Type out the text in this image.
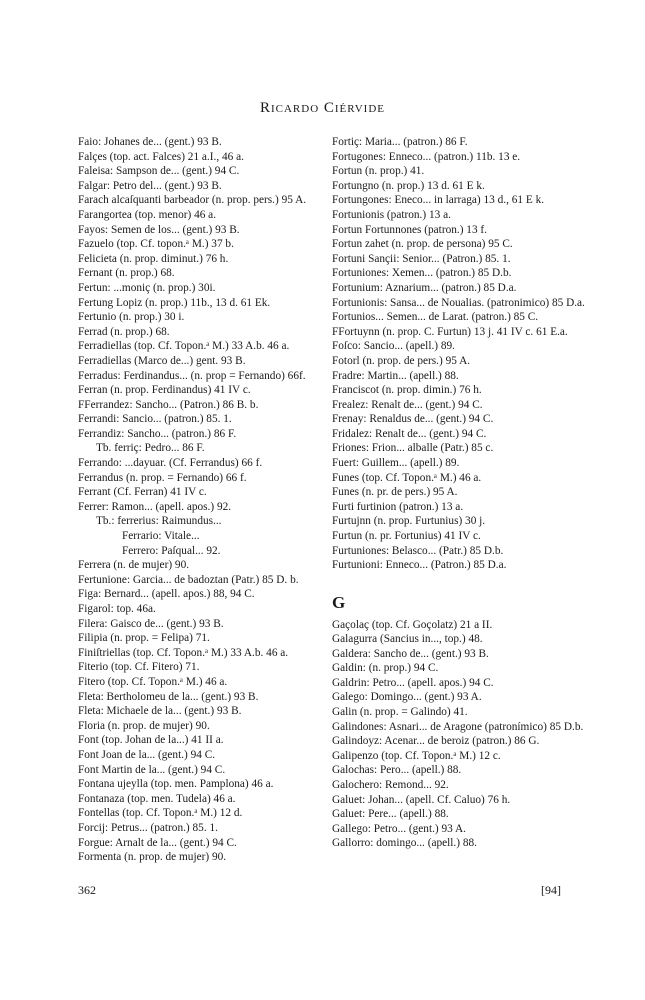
Ricardo Ciérvide
Faio: Johanes de... (gent.) 93 B.
Falçes (top. act. Falces) 21 a.I., 46 a.
Faleisa: Sampson de... (gent.) 94 C.
Falgar: Petro del... (gent.) 93 B.
Farach alcaſquanti barbeador (n. prop. pers.) 95 A.
Farangortea (top. menor) 46 a.
Fayos: Semen de los... (gent.) 93 B.
Fazuelo (top. Cf. topon.ᵃ M.) 37 b.
Felicieta (n. prop. diminut.) 76 h.
Fernant (n. prop.) 68.
Fertun: ...moniç (n. prop.) 30i.
Fertung Lopiz (n. prop.) 11b., 13 d. 61 Ek.
Fertunio (n. prop.) 30 i.
Ferrad (n. prop.) 68.
Ferradiellas (top. Cf. Topon.ᵃ M.) 33 A.b. 46 a.
Ferradiellas (Marco de...) gent. 93 B.
Ferradus: Ferdinandus... (n. prop = Fernando) 66f.
Ferran (n. prop. Ferdinandus) 41 IV c.
FFerrandez: Sancho... (Patron.) 86 B. b.
Ferrandi: Sancio... (patron.) 85. 1.
Ferrandiz: Sancho... (patron.) 86 F.
Tb. ferriç: Pedro... 86 F.
Ferrando: ...dayuar. (Cf. Ferrandus) 66 f.
Ferrandus (n. prop. = Fernando) 66 f.
Ferrant (Cf. Ferran) 41 IV c.
Ferrer: Ramon... (apell. apos.) 92.
Tb.: ferrerius: Raimundus...
Ferrario: Vitale...
Ferrero: Paſqual... 92.
Ferrera (n. de mujer) 90.
Fertunione: Garcia... de badoztan (Patr.) 85 D. b.
Figa: Bernard... (apell. apos.) 88, 94 C.
Figarol: top. 46a.
Filera: Gaisco de... (gent.) 93 B.
Filipia (n. prop. = Felipa) 71.
Finiſtriellas (top. Cf. Topon.ᵃ M.) 33 A.b. 46 a.
Fiterio (top. Cf. Fitero) 71.
Fitero (top. Cf. Topon.ᵃ M.) 46 a.
Fleta: Bertholomeu de la... (gent.) 93 B.
Fleta: Michaele de la... (gent.) 93 B.
Floria (n. prop. de mujer) 90.
Font (top. Johan de la...) 41 II a.
Font Joan de la... (gent.) 94 C.
Font Martin de la... (gent.) 94 C.
Fontana ujeylla (top. men. Pamplona) 46 a.
Fontanaza (top. men. Tudela) 46 a.
Fontellas (top. Cf. Topon.ᵃ M.) 12 d.
Forcij: Petrus... (patron.) 85. 1.
Forgue: Arnalt de la... (gent.) 94 C.
Formenta (n. prop. de mujer) 90.
Fortiç: Maria... (patron.) 86 F.
Fortugones: Enneco... (patron.) 11b. 13 e.
Fortun (n. prop.) 41.
Fortungno (n. prop.) 13 d. 61 E k.
Fortungones: Eneco... in larraga) 13 d., 61 E k.
Fortunionis (patron.) 13 a.
Fortun Fortunnones (patron.) 13 f.
Fortun zahet (n. prop. de persona) 95 C.
Fortuni Sançii: Senior... (Patron.) 85. 1.
Fortuniones: Xemen... (patron.) 85 D.b.
Fortunium: Aznarium... (patron.) 85 D.a.
Fortunionis: Sansa... de Noualias. (patronimico) 85 D.a.
Fortunios... Semen... de Larat. (patron.) 85 C.
FFortuynn (n. prop. C. Furtun) 13 j. 41 IV c. 61 E.a.
Foſco: Sancio... (apell.) 89.
Fotorl (n. prop. de pers.) 95 A.
Fradre: Martin... (apell.) 88.
Franciscot (n. prop. dimin.) 76 h.
Frealez: Renalt de... (gent.) 94 C.
Frenay: Renaldus de... (gent.) 94 C.
Fridalez: Renalt de... (gent.) 94 C.
Friones: Frion... alballe (Patr.) 85 c.
Fuert: Guillem... (apell.) 89.
Funes (top. Cf. Topon.ᵃ M.) 46 a.
Funes (n. pr. de pers.) 95 A.
Furti furtinion (patron.) 13 a.
Furtujnn (n. prop. Furtunius) 30 j.
Furtun (n. pr. Fortunius) 41 IV c.
Furtuniones: Belasco... (Patr.) 85 D.b.
Furtunioni: Enneco... (Patron.) 85 D.a.
G
Gaçolaç (top. Cf. Goçolatz) 21 a II.
Galagurra (Sancius in..., top.) 48.
Galdera: Sancho de... (gent.) 93 B.
Galdin: (n. prop.) 94 C.
Galdrin: Petro... (apell. apos.) 94 C.
Galego: Domingo... (gent.) 93 A.
Galin (n. prop. = Galindo) 41.
Galindones: Asnari... de Aragone (patronímico) 85 D.b.
Galindoyz: Acenar... de beroiz (patron.) 86 G.
Galipenzo (top. Cf. Topon.ᵃ M.) 12 c.
Galochas: Pero... (apell.) 88.
Galochero: Remond... 92.
Galuet: Johan... (apell. Cf. Caluo) 76 h.
Galuet: Pere... (apell.) 88.
Gallego: Petro... (gent.) 93 A.
Gallorro: domingo... (apell.) 88.
362	[94]
